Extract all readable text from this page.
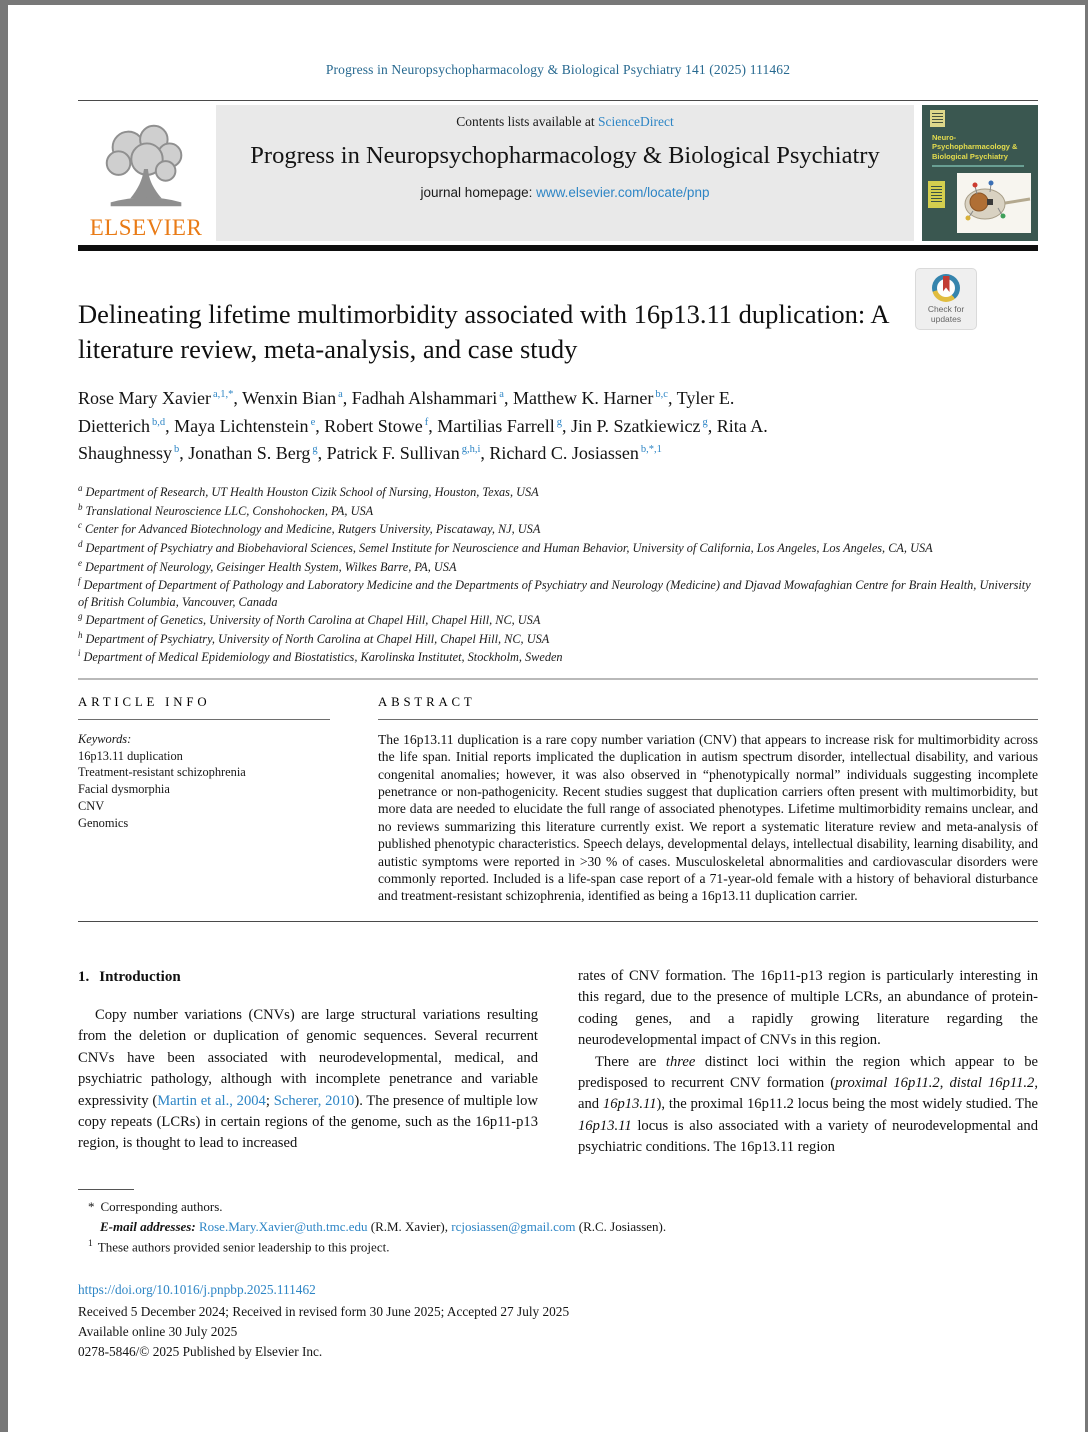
Progress in Neuropsychopharmacology & Biological Psychiatry 141 (2025) 111462
ELSEVIER
Contents lists available at ScienceDirect
Progress in Neuropsychopharmacology & Biological Psychiatry
journal homepage: www.elsevier.com/locate/pnp
Neuro-Psychopharmacology & Biological Psychiatry
Delineating lifetime multimorbidity associated with 16p13.11 duplication: A literature review, meta-analysis, and case study
Rose Mary Xavier $^{a,1,*}$, Wenxin Bian $^a$, Fadhah Alshammari $^a$, Matthew K. Harner $^{b,c}$, Tyler E. Dietterich $^{b,d}$, Maya Lichtenstein $^e$, Robert Stowe $^f$, Martilias Farrell $^g$, Jin P. Szatkiewicz $^g$, Rita A. Shaughnessy $^b$, Jonathan S. Berg $^g$, Patrick F. Sullivan $^{g,h,i}$, Richard C. Josiassen $^{b,*,1}$
$^a$ Department of Research, UT Health Houston Cizik School of Nursing, Houston, Texas, USA
$^b$ Translational Neuroscience LLC, Conshohocken, PA, USA
$^c$ Center for Advanced Biotechnology and Medicine, Rutgers University, Piscataway, NJ, USA
$^d$ Department of Psychiatry and Biobehavioral Sciences, Semel Institute for Neuroscience and Human Behavior, University of California, Los Angeles, Los Angeles, CA, USA
$^e$ Department of Neurology, Geisinger Health System, Wilkes Barre, PA, USA
$^f$ Department of Department of Pathology and Laboratory Medicine and the Departments of Psychiatry and Neurology (Medicine) and Djavad Mowafaghian Centre for Brain Health, University of British Columbia, Vancouver, Canada
$^g$ Department of Genetics, University of North Carolina at Chapel Hill, Chapel Hill, NC, USA
$^h$ Department of Psychiatry, University of North Carolina at Chapel Hill, Chapel Hill, NC, USA
$^i$ Department of Medical Epidemiology and Biostatistics, Karolinska Institutet, Stockholm, Sweden
ARTICLE INFO
Keywords:
16p13.11 duplication
Treatment-resistant schizophrenia
Facial dysmorphia
CNV
Genomics
ABSTRACT

The 16p13.11 duplication is a rare copy number variation (CNV) that appears to increase risk for multimorbidity across the life span. Initial reports implicated the duplication in autism spectrum disorder, intellectual disability, and various congenital anomalies; however, it was also observed in “phenotypically normal” individuals suggesting incomplete penetrance or non-pathogenicity. Recent studies suggest that duplication carriers often present with multimorbidity, but more data are needed to elucidate the full range of associated phenotypes. Lifetime multimorbidity remains unclear, and no reviews summarizing this literature currently exist. We report a systematic literature review and meta-analysis of published phenotypic characteristics. Speech delays, developmental delays, intellectual disability, learning disability, and autistic symptoms were reported in >30 % of cases. Musculoskeletal abnormalities and cardiovascular disorders were commonly reported. Included is a life-span case report of a 71-year-old female with a history of behavioral disturbance and treatment-resistant schizophrenia, identified as being a 16p13.11 duplication carrier.

1. Introduction

Copy number variations (CNVs) are large structural variations resulting from the deletion or duplication of genomic sequences. Several recurrent CNVs have been associated with neurodevelopmental, medical, and psychiatric pathology, although with incomplete penetrance and variable expressivity (Martin et al., 2004; Scherer, 2010). The presence of multiple low copy repeats (LCRs) in certain regions of the genome, such as the 16p11-p13 region, is thought to lead to increased

rates of CNV formation. The 16p11-p13 region is particularly interesting in this regard, due to the presence of multiple LCRs, an abundance of protein-coding genes, and a rapidly growing literature regarding the neurodevelopmental impact of CNVs in this region.

There are three distinct loci within the region which appear to be predisposed to recurrent CNV formation (proximal 16p11.2, distal 16p11.2, and 16p13.11), the proximal 16p11.2 locus being the most widely studied. The 16p13.11 locus is also associated with a variety of neurodevelopmental and psychiatric conditions. The 16p13.11 region

* Corresponding authors.
E-mail addresses: Rose.Mary.Xavier@uth.tmc.edu (R.M. Xavier), rcjosiassen@gmail.com (R.C. Josiassen).
$^1$ These authors provided senior leadership to this project.
https://doi.org/10.1016/j.pnpbp.2025.111462
Received 5 December 2024; Received in revised form 30 June 2025; Accepted 27 July 2025
Available online 30 July 2025
0278-5846/© 2025 Published by Elsevier Inc.
Check for updates
